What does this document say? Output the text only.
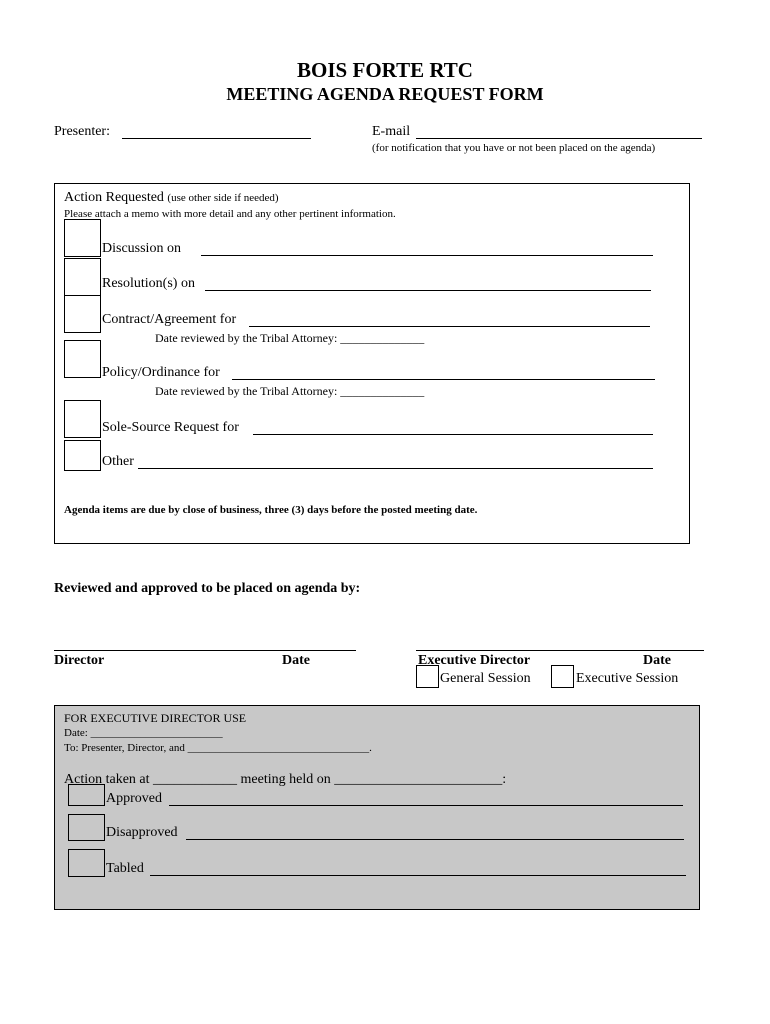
BOIS FORTE RTC
MEETING AGENDA REQUEST FORM
Presenter:	E-mail
(for notification that you have or not been placed on the agenda)
Action Requested (use other side if needed)
Please attach a memo with more detail and any other pertinent information.
Discussion on
Resolution(s) on
Contract/Agreement for
Date reviewed by the Tribal Attorney: ______________
Policy/Ordinance for
Date reviewed by the Tribal Attorney: ______________
Sole-Source Request for
Other
Agenda items are due by close of business, three (3) days before the posted meeting date.
Reviewed and approved to be placed on agenda by:
Director	Date	Executive Director	Date
General Session	Executive Session
FOR EXECUTIVE DIRECTOR USE
Date: ________________________
To: Presenter, Director, and _________________________________.
Action taken at ____________ meeting held on ________________________:
Approved
Disapproved
Tabled
